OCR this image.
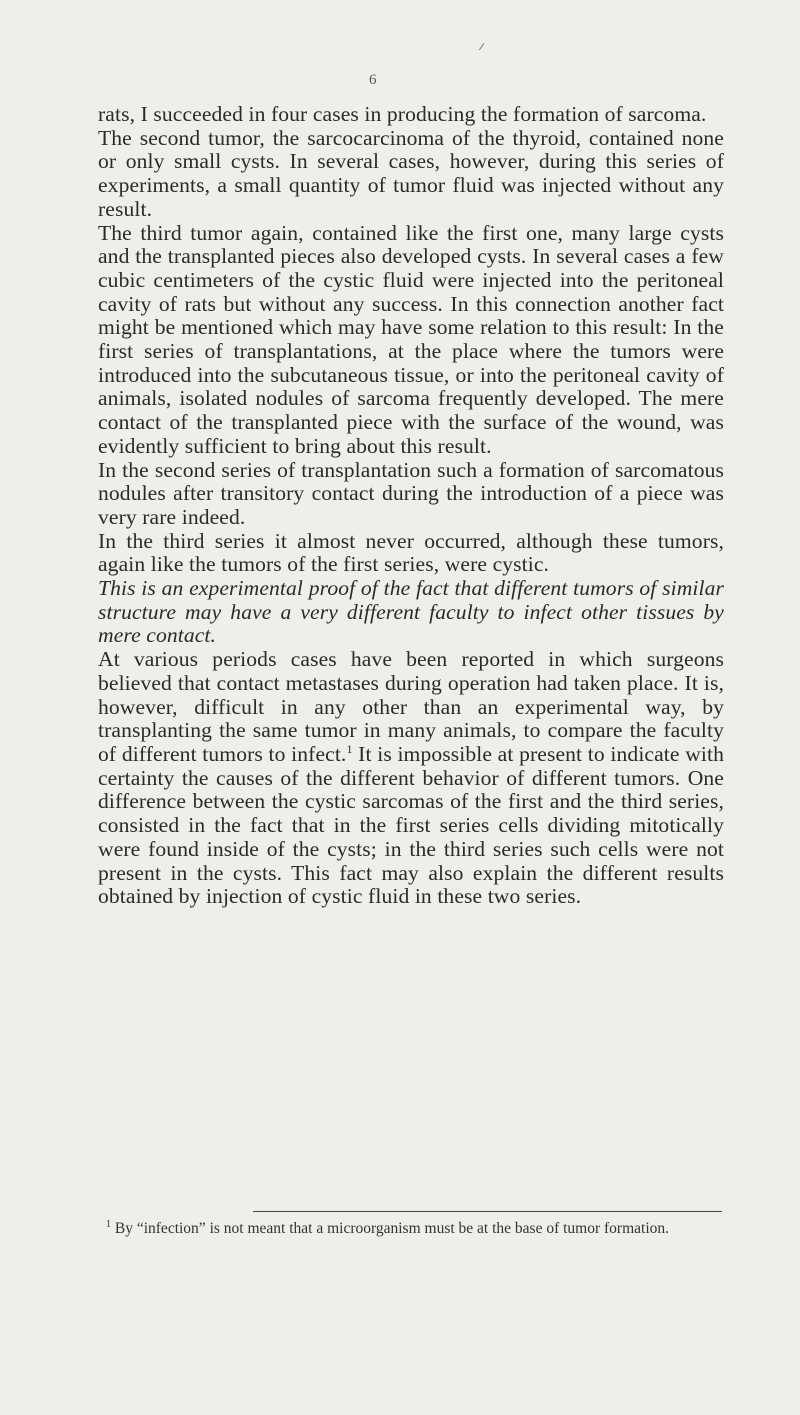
6

rats, I succeeded in four cases in producing the formation of sarcoma.

The second tumor, the sarcocarcinoma of the thyroid, contained none or only small cysts. In several cases, however, during this series of experiments, a small quantity of tumor fluid was injected without any result.

The third tumor again, contained like the first one, many large cysts and the transplanted pieces also developed cysts. In several cases a few cubic centimeters of the cystic fluid were injected into the peritoneal cavity of rats but without any success. In this connection another fact might be mentioned which may have some relation to this result: In the first series of transplantations, at the place where the tumors were introduced into the subcutaneous tissue, or into the peritoneal cavity of animals, isolated nodules of sarcoma frequently developed. The mere contact of the transplanted piece with the surface of the wound, was evidently sufficient to bring about this result.

In the second series of transplantation such a formation of sarcomatous nodules after transitory contact during the introduction of a piece was very rare indeed.

In the third series it almost never occurred, although these tumors, again like the tumors of the first series, were cystic.

This is an experimental proof of the fact that different tumors of similar structure may have a very different faculty to infect other tissues by mere contact.

At various periods cases have been reported in which surgeons believed that contact metastases during operation had taken place. It is, however, difficult in any other than an experimental way, by transplanting the same tumor in many animals, to compare the faculty of different tumors to infect.$^1$ It is impossible at present to indicate with certainty the causes of the different behavior of different tumors. One difference between the cystic sarcomas of the first and the third series, consisted in the fact that in the first series cells dividing mitotically were found inside of the cysts; in the third series such cells were not present in the cysts. This fact may also explain the different results obtained by injection of cystic fluid in these two series.

$^1$ By “infection” is not meant that a microorganism must be at the base of tumor formation.
